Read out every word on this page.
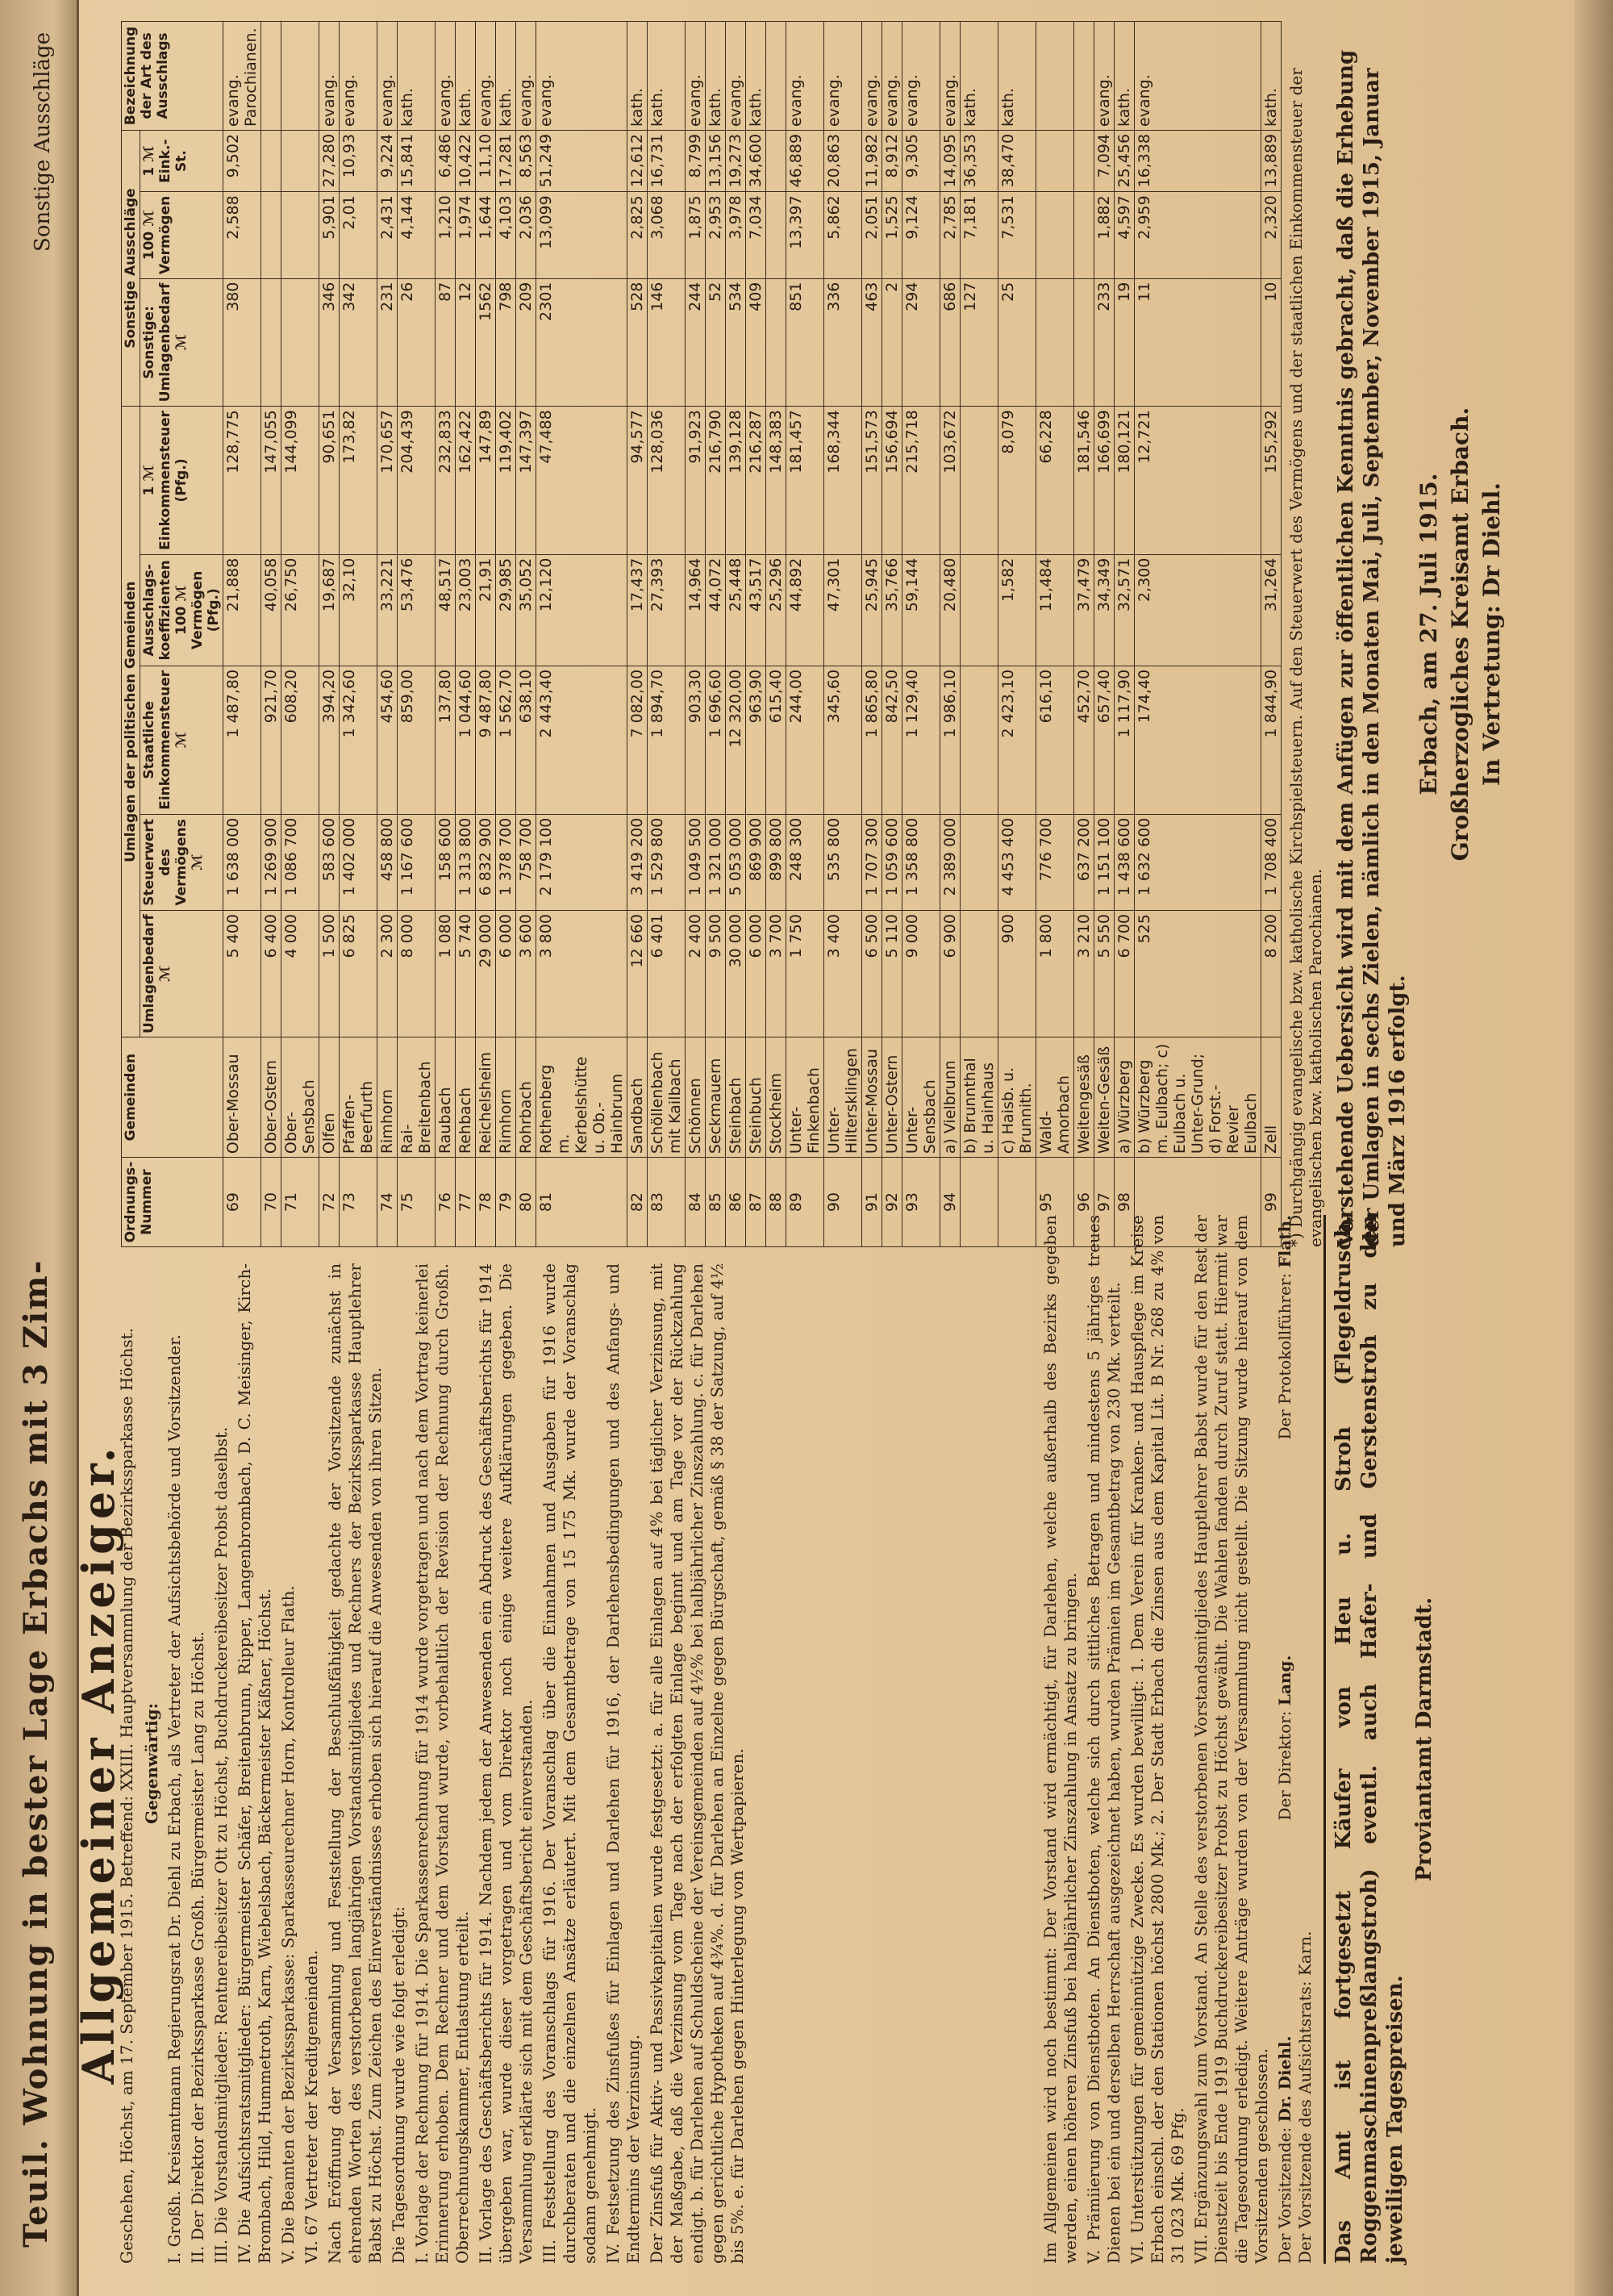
Teuil. Wohnung in bester Lage Erbachs mit 3 Zim-
Sonstige Ausschläge
Allgemeiner Anzeiger.

Geschehen, Höchst, am 17. September 1915. Betreffend: XXIII. Hauptversammlung der Bezirkssparkasse Höchst. Gegenwärtig: I. Großh. Kreisamtmann Regierungsrat Dr. Diehl zu Erbach, als Vertreter der Aufsichtsbehörde und Vorsitzender. II. Der Direktor der Bezirkssparkasse Großh. Bürgermeister Lang zu Höchst. III. Die Vorstandsmitglieder: Rentnereibesitzer Ott zu Höchst, Buchdruckereibesitzer Probst daselbst. IV. Die Aufsichtsratsmitglieder: Bürgermeister Schäfer, Breitenbrunn, Ripper, Langenbrombach, D. C. Meisinger, Kirch-Brombach, Hild, Hummetroth, Karn, Wiebelsbach, Bäckermeister Käßner, Höchst. V. Die Beamten der Bezirkssparkasse: Sparkasseurechner Horn, Kontrolleur Flath. VI. 67 Vertreter der Kreditgemeinden. Nach Eröffnung der Versammlung und Feststellung der Beschlußfähigkeit gedachte der Vorsitzende zunächst in ehrenden Worten des verstorbenen langjährigen Vorstandsmitgliedes und Rechners der Bezirkssparkasse Hauptlehrer Babst zu Höchst. Zum Zeichen des Einverständnisses erhoben sich hierauf die Anwesenden von ihren Sitzen. Die Tagesordnung wurde wie folgt erledigt: I. Vorlage der Rechnung für 1914. Die Sparkassenrechnung für 1914 wurde vorgetragen und nach dem Vortrag keinerlei Erinnerung erhoben. Dem Rechner und dem Vorstand wurde, vorbehaltlich der Revision der Rechnung durch Großh. Oberrechnungskammer, Entlastung erteilt. II. Vorlage des Geschäftsberichts für 1914. Nachdem jedem der Anwesenden ein Abdruck des Geschäftsberichts für 1914 übergeben war, wurde dieser vorgetragen und vom Direktor noch einige weitere Aufklärungen gegeben. Die Versammlung erklärte sich mit dem Geschäftsbericht einverstanden. III. Feststellung des Voranschlags für 1916. Der Voranschlag über die Einnahmen und Ausgaben für 1916 wurde durchberaten und die einzelnen Ansätze erläutert. Mit dem Gesamtbetrage von 15 175 Mk. wurde der Voranschlag sodann genehmigt. IV. Festsetzung des Zinsfußes für Einlagen und Darlehen für 1916, der Darlehensbedingungen und des Anfangs- und Endtermins der Verzinsung. Der Zinsfuß für Aktiv- und Passivkapitalien wurde festgesetzt: a. für alle Einlagen auf 4% bei täglicher Verzinsung, mit der Maßgabe, daß die Verzinsung vom Tage nach der erfolgten Einlage beginnt und am Tage vor der Rückzahlung endigt. b. für Darlehen auf Schuldscheine der Vereinsgemeinden auf 4½% bei halbjährlicher Zinszahlung. c. für Darlehen gegen gerichtliche Hypotheken auf 4¾%. d. für Darlehen an Einzelne gegen Bürgschaft, gemäß § 38 der Satzung, auf 4½ bis 5%. e. für Darlehen gegen Hinterlegung von Wertpapieren.	Im Allgemeinen wird noch bestimmt: Der Vorstand wird ermächtigt, für Darlehen, welche außerhalb des Bezirks gegeben werden, einen höheren Zinsfuß bei halbjährlicher Zinszahlung in Ansatz zu bringen. V. Prämiierung von Dienstboten. An Dienstboten, welche sich durch sittliches Betragen und mindestens 5 jähriges treues Dienen bei ein und derselben Herrschaft ausgezeichnet haben, wurden Prämien im Gesamtbetrag von 230 Mk. verteilt. VI. Unterstützungen für gemeinnützige Zwecke. Es wurden bewilligt: 1. Dem Verein für Kranken- und Hauspflege im Kreise Erbach einschl. der den Stationen höchst 2800 Mk.; 2. Der Stadt Erbach die Zinsen aus dem Kapital Lit. B Nr. 268 zu 4% von 31 023 Mk. 69 Pfg. VII. Ergänzungswahl zum Vorstand. An Stelle des verstorbenen Vorstandsmitgliedes Hauptlehrer Babst wurde für den Rest der Dienstzeit bis Ende 1919 Buchdruckereibesitzer Probst zu Höchst gewählt. Die Wahlen fanden durch Zuruf statt. Hiermit war die Tagesordnung erledigt. Weitere Anträge wurden von der Versammlung nicht gestellt. Die Sitzung wurde hierauf von dem Vorsitzenden geschlossen. Der Vorsitzende: Dr. Diehl.
Der Direktor: Lang.
Der Protokollführer: Flath.

Der Vorsitzende des Aufsichtsrats: Karn. Das Amt ist fortgesetzt Käufer von Heu u. Stroh (Flegeldrusch, Roggenmaschinenpreßlangstroh) eventl. auch Hafer- und Gerstenstroh zu den jeweiligen Tagespreisen.
Proviantamt Darmstadt.
Ordnungs-Nummer	Gemeinden	Umlagen der politischen Gemeinden					Sonstige Ausschläge			Bezeichnung der Art des Ausschlags
		Umlagenbedarf ℳ	Steuerwert des Vermögens ℳ	Staatliche Einkommensteuer ℳ	Ausschlags-koeffizienten 100 ℳ Vermögen (Pfg.)	1 ℳ Einkommensteuer (Pfg.)	Sonstige: Umlagenbedarf ℳ	100 ℳ Vermögen	1 ℳ Eink.-St.	
69	Ober-Mossau	5 400	1 638 000	1 487,80	21,888	128,775	380	2,588	9,502	evang. Parochianen.
70	Ober-Ostern	6 400	1 269 900	921,70	40,058	147,055				
71	Ober-Sensbach	4 000	1 086 700	608,20	26,750	144,099				
72	Olfen	1 500	583 600	394,20	19,687	90,651	346	5,901	27,280	evang.
73	Pfaffen-Beerfurth	6 825	1 402 000	1 342,60	32,10	173,82	342	2,01	10,93	evang.
74	Rimhorn	2 300	458 800	454,60	33,221	170,657	231	2,431	9,224	evang.
75	Rai-Breitenbach	8 000	1 167 600	859,00	53,476	204,439	26	4,144	15,841	kath.
76	Raubach	1 080	158 600	137,80	48,517	232,833	87	1,210	6,486	evang.
77	Rehbach	5 740	1 313 800	1 044,60	23,003	162,422	12	1,974	10,422	kath.
78	Reichelsheim	29 000	6 832 900	9 487,80	21,91	147,89	1562	1,644	11,10	evang.
79	Rimhorn	6 000	1 378 700	1 562,70	29,985	119,402	798	4,103	17,281	kath.
80	Rohrbach	3 600	758 700	638,10	35,052	147,397	209	2,036	8,563	evang.
81	Rothenberg m. Kerbelshütte u. Ob.-Hainbrunn	3 800	2 179 100	2 443,40	12,120	47,488	2301	13,099	51,249	evang.
82	Sandbach	12 660	3 419 200	7 082,00	17,437	94,577	528	2,825	12,612	kath.
83	Schöllenbach mit Kailbach	6 401	1 529 800	1 894,70	27,393	128,036	146	3,068	16,731	kath.
84	Schönnen	2 400	1 049 500	903,30	14,964	91,923	244	1,875	8,799	evang.
85	Seckmauern	9 500	1 321 000	1 696,60	44,072	216,790	52	2,953	13,156	kath.
86	Steinbach	30 000	5 053 000	12 320,00	25,448	139,128	534	3,978	19,273	evang.
87	Steinbuch	6 000	869 900	963,90	43,517	216,287	409	7,034	34,600	kath.
88	Stockheim	3 700	899 800	615,40	25,296	148,383				
89	Unter-Finkenbach	1 750	248 300	244,00	44,892	181,457	851	13,397	46,889	evang.
90	Unter-Hiltersklingen	3 400	535 800	345,60	47,301	168,344	336	5,862	20,863	evang.
91	Unter-Mossau	6 500	1 707 300	1 865,80	25,945	151,573	463	2,051	11,982	evang.
92	Unter-Ostern	5 110	1 059 600	842,50	35,766	156,694	2	1,525	8,912	evang.
93	Unter-Sensbach	9 000	1 358 800	1 129,40	59,144	215,718	294	9,124	9,305	evang.
94	a) Vielbrunn	6 900	2 389 000	1 986,10	20,480	103,672	686	2,785	14,095	evang.
	b) Brunnthal u. Hainhaus						127	7,181	36,353	kath.
	c) Haisb. u. Brunnith.	900	4 453 400	2 423,10	1,582	8,079	25	7,531	38,470	kath.
95	Wald-Amorbach	1 800	776 700	616,10	11,484	66,228				
96	Weitengesäß	3 210	637 200	452,70	37,479	181,546				
97	Weiten-Gesäß	5 550	1 151 100	657,40	34,349	166,699	233	1,882	7,094	evang.
98	a) Würzberg	6 700	1 438 600	1 117,90	32,571	180,121	19	4,597	25,456	kath.
	b) Würzberg m. Eulbach; c) Eulbach u. Unter-Grund; d) Forst.-Revier Eulbach	525	1 632 600	174,40	2,300	12,721	11	2,959	16,338	evang.
99	Zell	8 200	1 708 400	1 844,90	31,264	155,292	10	2,320	13,889	kath. *) Durchgängig evangelische bzw. katholische Kirchspielsteuern. Auf den Steuerwert des Vermögens und der staatlichen Einkommensteuer der evangelischen bzw. katholischen Parochianen. Vorstehende Uebersicht wird mit dem Anfügen zur öffentlichen Kenntnis gebracht, daß die Erhebung der Umlagen in sechs Zielen, nämlich in den Monaten Mai, Juli, September, November 1915, Januar und März 1916 erfolgt.
Erbach, am 27. Juli 1915. Großherzogliches Kreisamt Erbach. In Vertretung: Dr Diehl.
